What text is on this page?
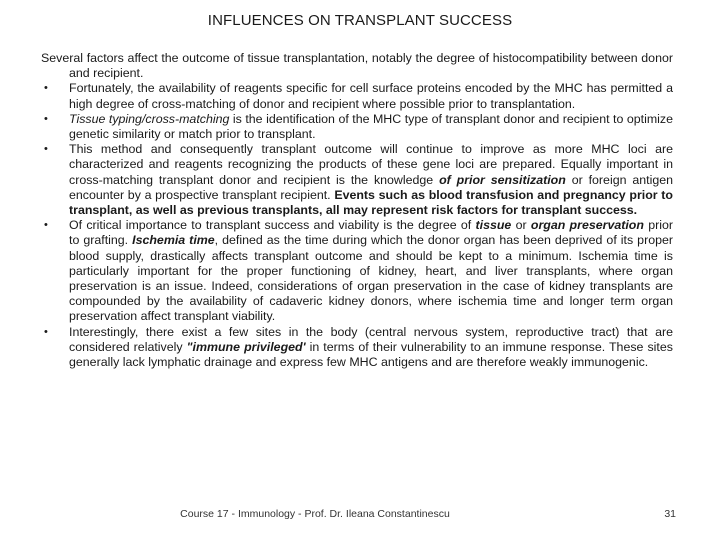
INFLUENCES ON TRANSPLANT SUCCESS

Several factors affect the outcome of tissue transplantation, notably the degree of histocompatibility between donor and recipient.

• Fortunately, the availability of reagents specific for cell surface proteins encoded by the MHC has permitted a high degree of cross-matching of donor and recipient where possible prior to transplantation.
• Tissue typing/cross-matching is the identification of the MHC type of transplant donor and recipient to optimize genetic similarity or match prior to transplant.
• This method and consequently transplant outcome will continue to improve as more MHC loci are characterized and reagents recognizing the products of these gene loci are prepared. Equally important in cross-matching transplant donor and recipient is the knowledge of prior sensitization or foreign antigen encounter by a prospective transplant recipient. Events such as blood transfusion and pregnancy prior to transplant, as well as previous transplants, all may represent risk factors for transplant success.
• Of critical importance to transplant success and viability is the degree of tissue or organ preservation prior to grafting. Ischemia time, defined as the time during which the donor organ has been deprived of its proper blood supply, drastically affects transplant outcome and should be kept to a minimum. Ischemia time is particularly important for the proper functioning of kidney, heart, and liver transplants, where organ preservation is an issue. Indeed, considerations of organ preservation in the case of kidney transplants are compounded by the availability of cadaveric kidney donors, where ischemia time and longer term organ preservation affect transplant viability.
• Interestingly, there exist a few sites in the body (central nervous system, reproductive tract) that are considered relatively "immune privileged' in terms of their vulnerability to an immune response. These sites generally lack lymphatic drainage and express few MHC antigens and are therefore weakly immunogenic.
Course 17 - Immunology - Prof. Dr. Ileana Constantinescu	31
